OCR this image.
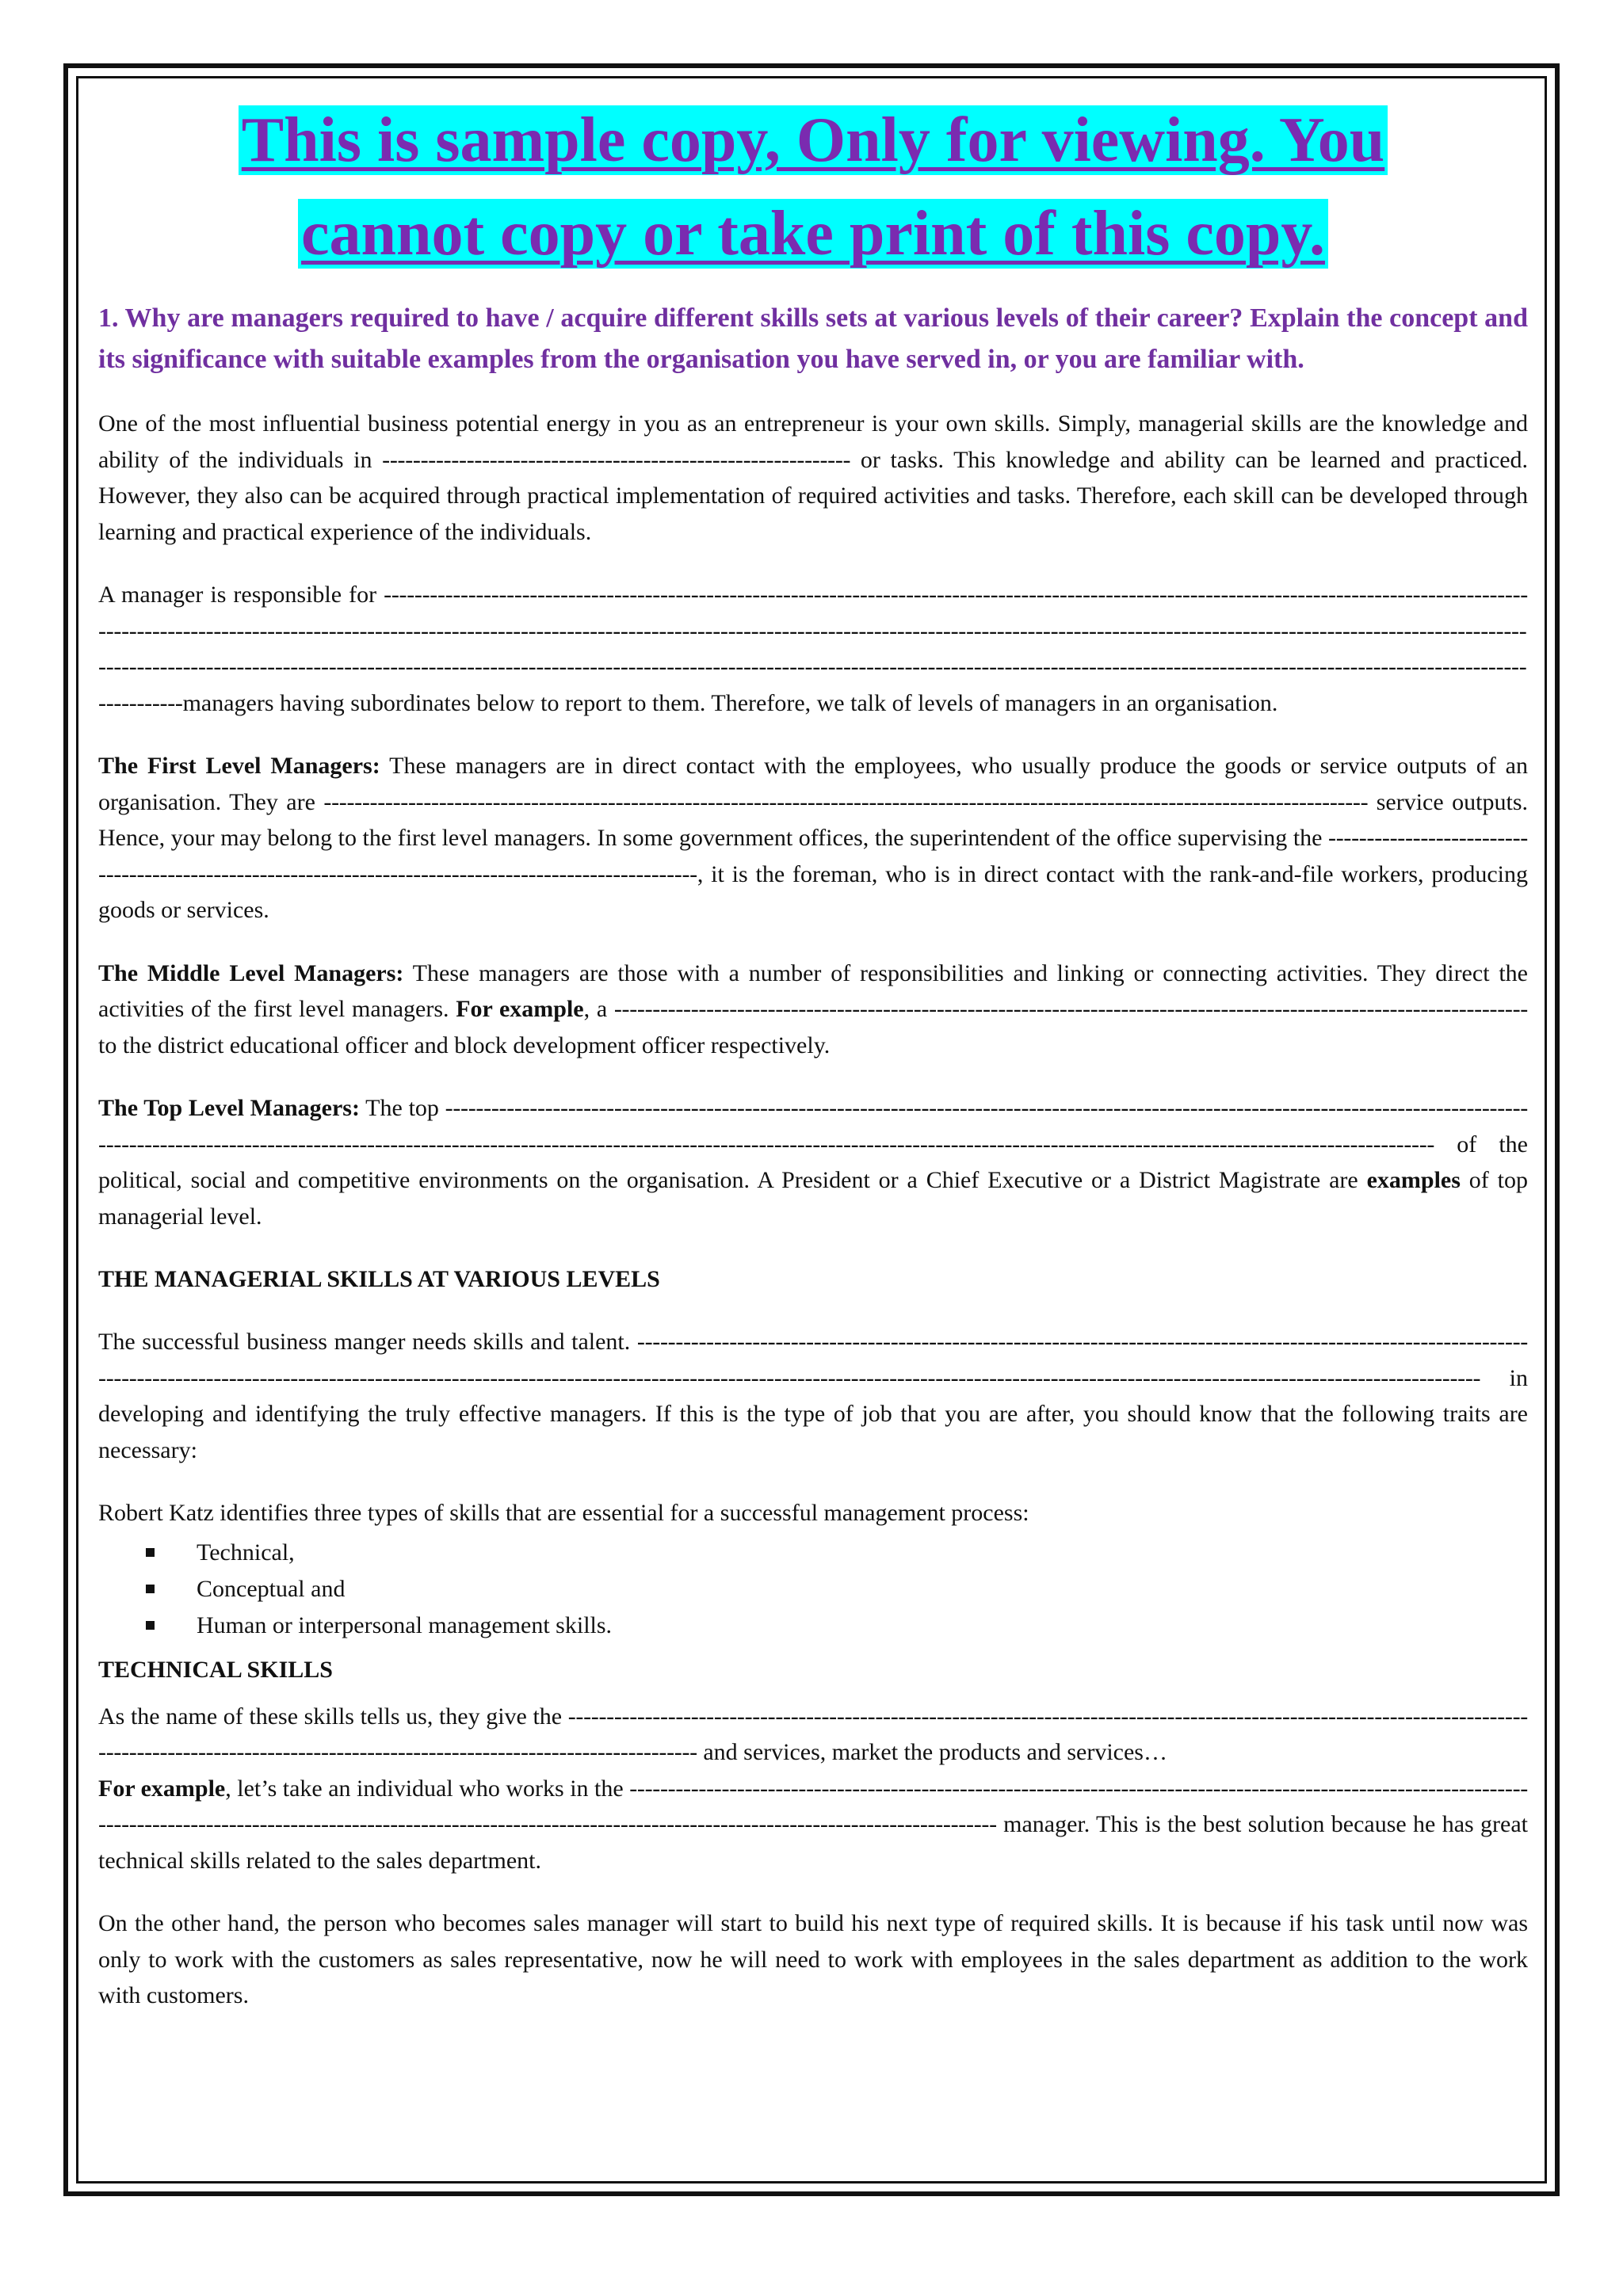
This is sample copy, Only for viewing. You
cannot copy or take print of this copy.
1. Why are managers required to have / acquire different skills sets at various levels of their career? Explain the concept and its significance with suitable examples from the organisation you have served in, or you are familiar with.

One of the most influential business potential energy in you as an entrepreneur is your own skills. Simply, managerial skills are the knowledge and ability of the individuals in ------------------------------------------------------------- or tasks. This knowledge and ability can be learned and practiced. However, they also can be acquired through practical implementation of required activities and tasks. Therefore, each skill can be developed through learning and practical experience of the individuals.

A manager is responsible for ----------------------------------------------------------------------------------------------------------------------------------------------------------------------------------------------------------------------------------------------------------------------------------------------------------------------------------------------------------------------------------------------------------------------------------------------------------------------------------------------------------------------------------------------------managers having subordinates below to report to them. Therefore, we talk of levels of managers in an organisation.

The First Level Managers: These managers are in direct contact with the employees, who usually produce the goods or service outputs of an organisation. They are ---------------------------------------------------------------------------------------------------------------------------------------- service outputs. Hence, your may belong to the first level managers. In some government offices, the superintendent of the office supervising the --------------------------------------------------------------------------------------------------------, it is the foreman, who is in direct contact with the rank-and-file workers, producing goods or services.

The Middle Level Managers: These managers are those with a number of responsibilities and linking or connecting activities. They direct the activities of the first level managers. For example, a ----------------------------------------------------------------------------------------------------------------------- to the district educational officer and block development officer respectively.

The Top Level Managers: The top --------------------------------------------------------------------------------------------------------------------------------------------------------------------------------------------------------------------------------------------------------------------------------------------------------------------------- of the political, social and competitive environments on the organisation. A President or a Chief Executive or a District Magistrate are examples of top managerial level.

THE MANAGERIAL SKILLS AT VARIOUS LEVELS

The successful business manger needs skills and talent. -------------------------------------------------------------------------------------------------------------------------------------------------------------------------------------------------------------------------------------------------------------------------------------------------------- in developing and identifying the truly effective managers. If this is the type of job that you are after, you should know that the following traits are necessary:

Robert Katz identifies three types of skills that are essential for a successful management process:

Technical,
Conceptual and
Human or interpersonal management skills.
TECHNICAL SKILLS

As the name of these skills tells us, they give the ----------------------------------------------------------------------------------------------------------------------------------------------------------------------------------------------------------- and services, market the products and services…

For example, let’s take an individual who works in the ------------------------------------------------------------------------------------------------------------------------------------------------------------------------------------------------------------------------------------------ manager. This is the best solution because he has great technical skills related to the sales department.

On the other hand, the person who becomes sales manager will start to build his next type of required skills. It is because if his task until now was only to work with the customers as sales representative, now he will need to work with employees in the sales department as addition to the work with customers.
